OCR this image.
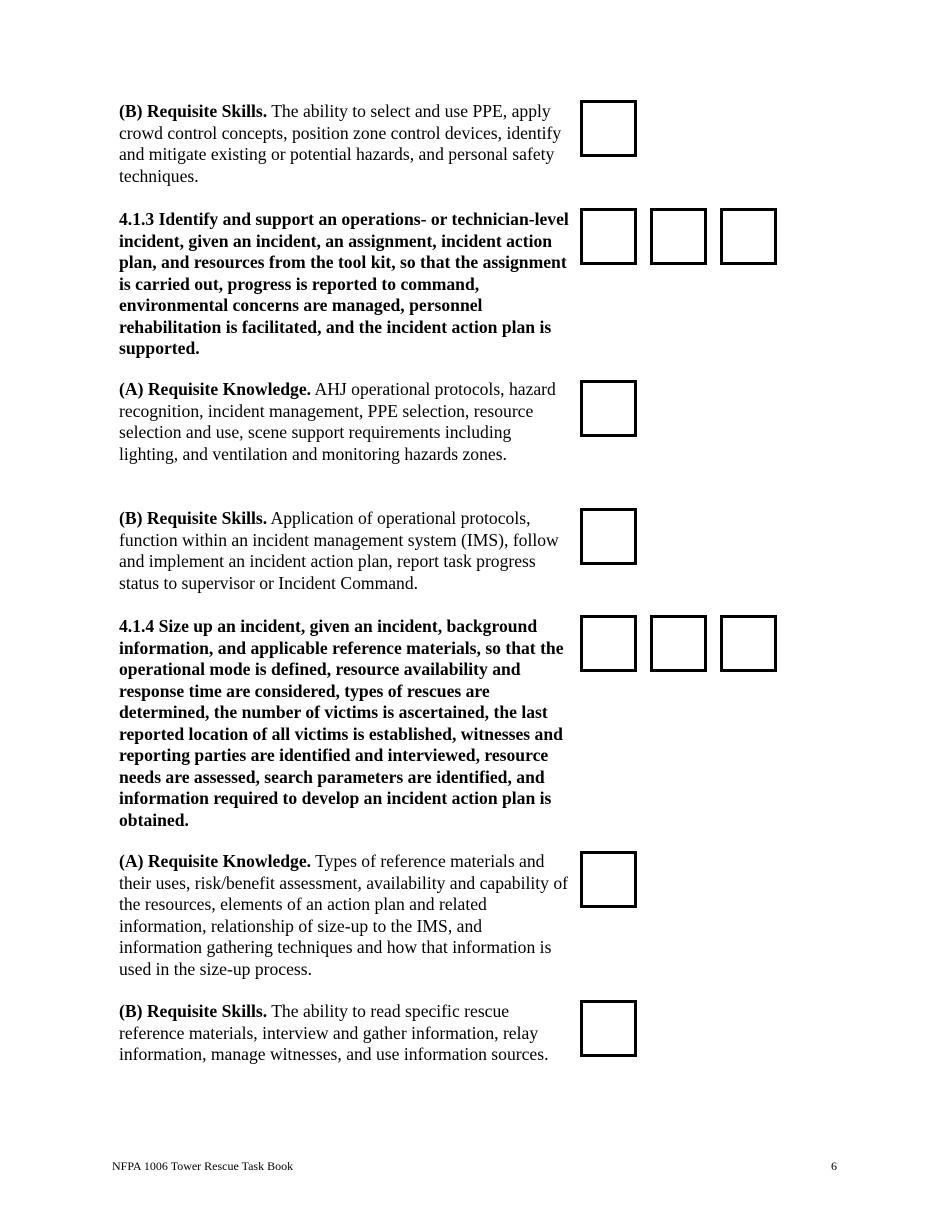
(B) Requisite Skills. The ability to select and use PPE, apply crowd control concepts, position zone control devices, identify and mitigate existing or potential hazards, and personal safety techniques.

4.1.3 Identify and support an operations- or technician-level incident, given an incident, an assignment, incident action plan, and resources from the tool kit, so that the assignment is carried out, progress is reported to command, environmental concerns are managed, personnel rehabilitation is facilitated, and the incident action plan is supported.

(A) Requisite Knowledge. AHJ operational protocols, hazard recognition, incident management, PPE selection, resource selection and use, scene support requirements including lighting, and ventilation and monitoring hazards zones.

(B) Requisite Skills. Application of operational protocols, function within an incident management system (IMS), follow and implement an incident action plan, report task progress status to supervisor or Incident Command.

4.1.4 Size up an incident, given an incident, background information, and applicable reference materials, so that the operational mode is defined, resource availability and response time are considered, types of rescues are determined, the number of victims is ascertained, the last reported location of all victims is established, witnesses and reporting parties are identified and interviewed, resource needs are assessed, search parameters are identified, and information required to develop an incident action plan is obtained.

(A) Requisite Knowledge. Types of reference materials and their uses, risk/benefit assessment, availability and capability of the resources, elements of an action plan and related information, relationship of size-up to the IMS, and information gathering techniques and how that information is used in the size-up process.

(B) Requisite Skills. The ability to read specific rescue reference materials, interview and gather information, relay information, manage witnesses, and use information sources.

NFPA 1006 Tower Rescue Task Book	6
